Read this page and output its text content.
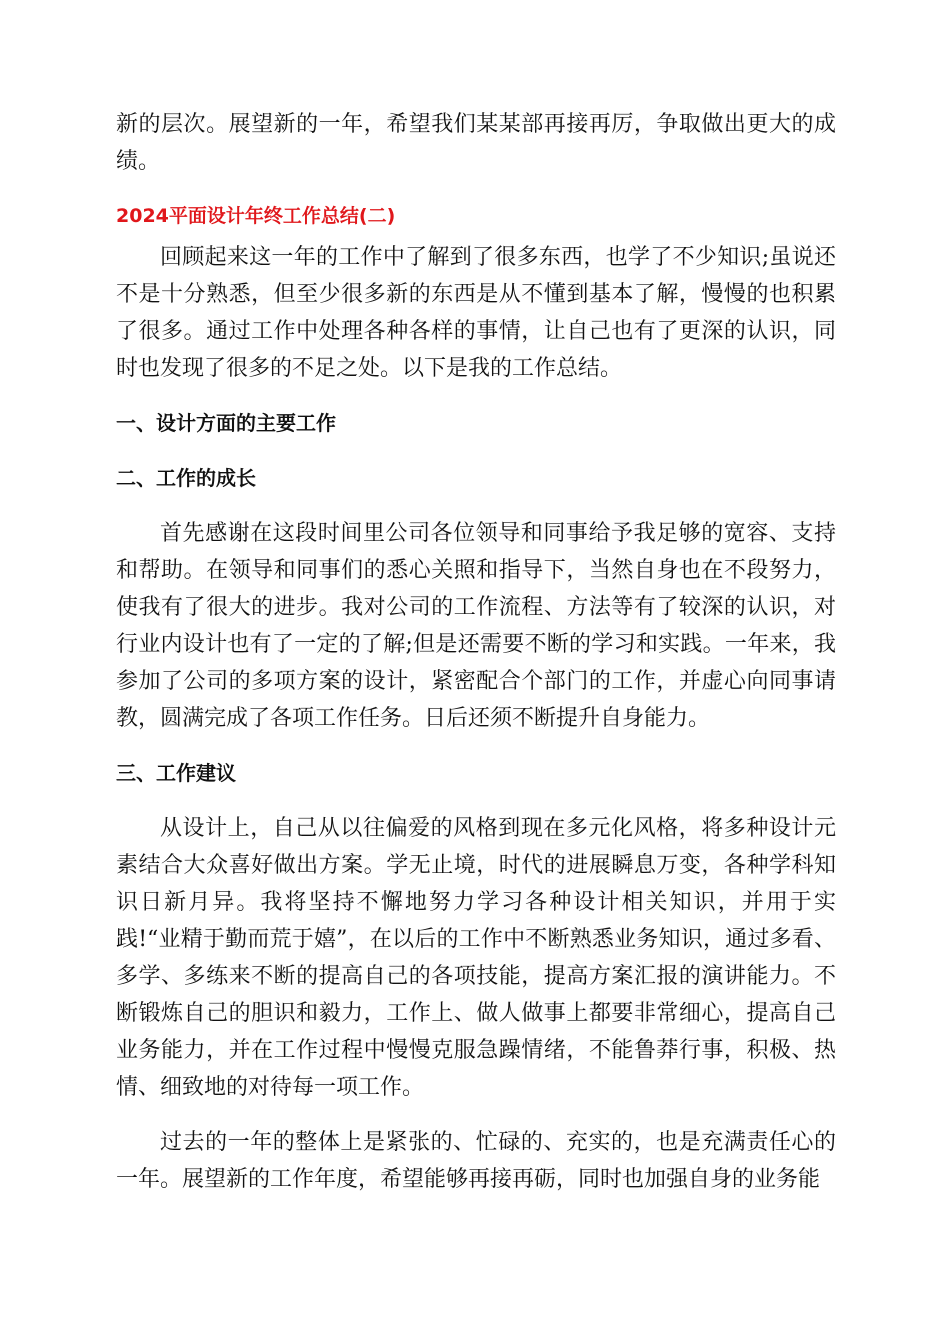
新的层次。展望新的一年，希望我们某某部再接再厉，争取做出更大的成绩。

2024平面设计年终工作总结(二)

回顾起来这一年的工作中了解到了很多东西，也学了不少知识;虽说还不是十分熟悉，但至少很多新的东西是从不懂到基本了解，慢慢的也积累了很多。通过工作中处理各种各样的事情，让自己也有了更深的认识，同时也发现了很多的不足之处。以下是我的工作总结。

一、设计方面的主要工作

二、工作的成长

首先感谢在这段时间里公司各位领导和同事给予我足够的宽容、支持和帮助。在领导和同事们的悉心关照和指导下，当然自身也在不段努力，使我有了很大的进步。我对公司的工作流程、方法等有了较深的认识，对行业内设计也有了一定的了解;但是还需要不断的学习和实践。一年来，我参加了公司的多项方案的设计，紧密配合个部门的工作，并虚心向同事请教，圆满完成了各项工作任务。日后还须不断提升自身能力。

三、工作建议

从设计上，自己从以往偏爱的风格到现在多元化风格，将多种设计元素结合大众喜好做出方案。学无止境，时代的进展瞬息万变，各种学科知识日新月异。我将坚持不懈地努力学习各种设计相关知识，并用于实践!“业精于勤而荒于嬉”，在以后的工作中不断熟悉业务知识，通过多看、多学、多练来不断的提高自己的各项技能，提高方案汇报的演讲能力。不断锻炼自己的胆识和毅力，工作上、做人做事上都要非常细心，提高自己业务能力，并在工作过程中慢慢克服急躁情绪，不能鲁莽行事，积极、热情、细致地的对待每一项工作。

过去的一年的整体上是紧张的、忙碌的、充实的，也是充满责任心的一年。展望新的工作年度，希望能够再接再砺，同时也加强自身的业务能
